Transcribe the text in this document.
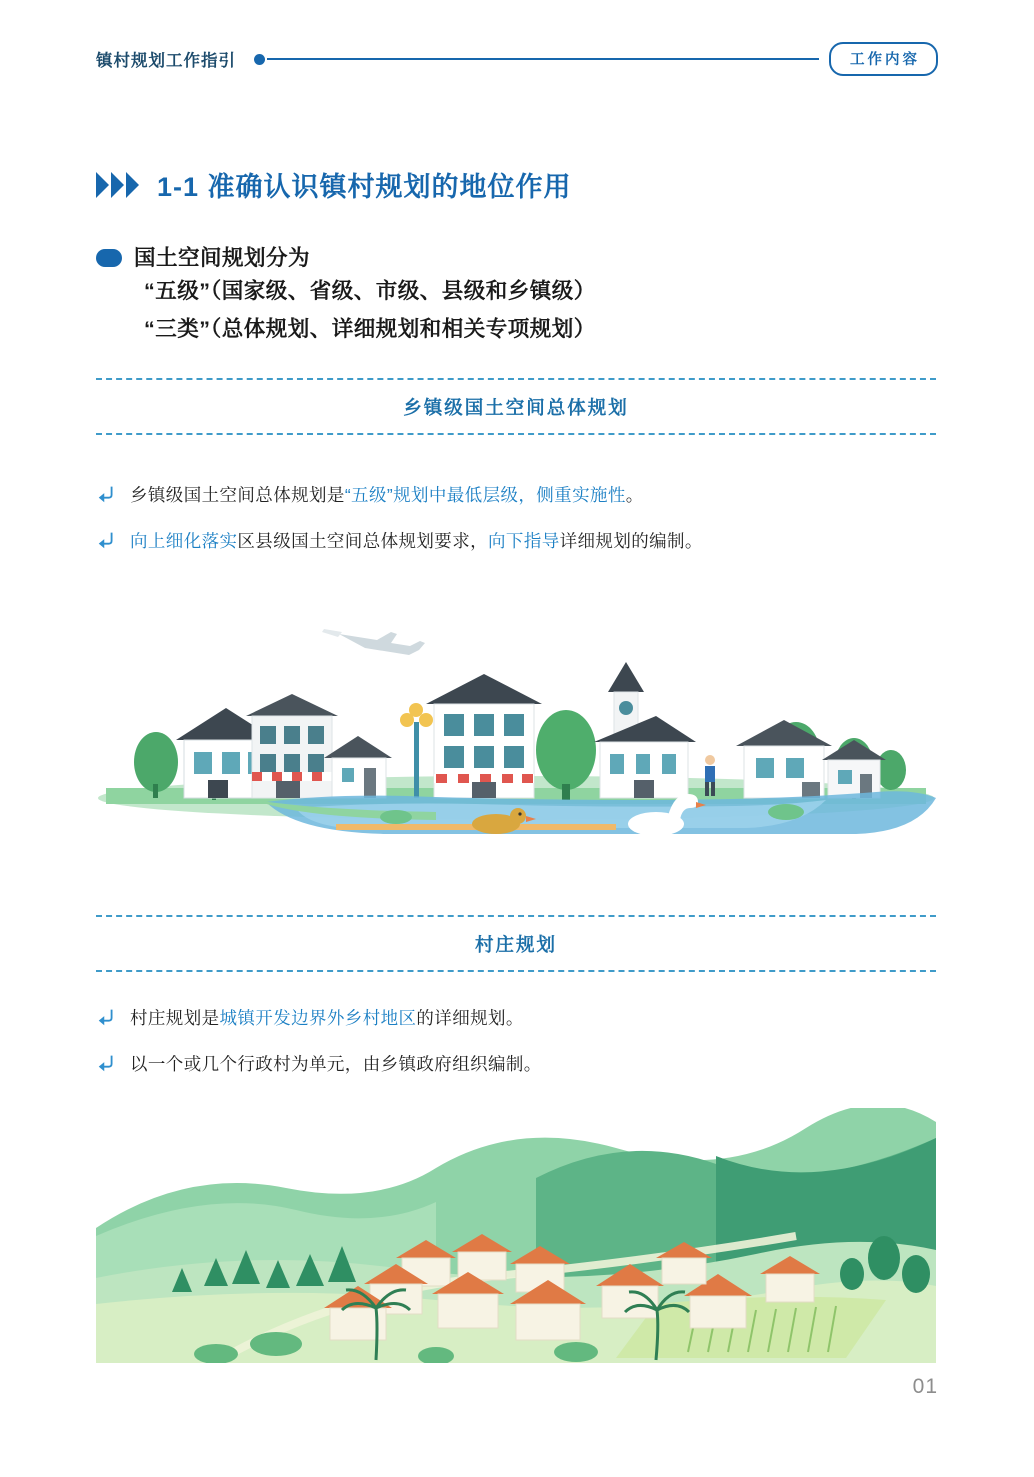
镇村规划工作指引	工作内容
1-1 准确认识镇村规划的地位作用
国土空间规划分为
“五级”（国家级、省级、市级、县级和乡镇级）
“三类”（总体规划、详细规划和相关专项规划）
乡镇级国土空间总体规划
乡镇级国土空间总体规划是“五级”规划中最低层级，侧重实施性。
向上细化落实区县级国土空间总体规划要求，向下指导详细规划的编制。
村庄规划
村庄规划是城镇开发边界外乡村地区的详细规划。
以一个或几个行政村为单元，由乡镇政府组织编制。
01
